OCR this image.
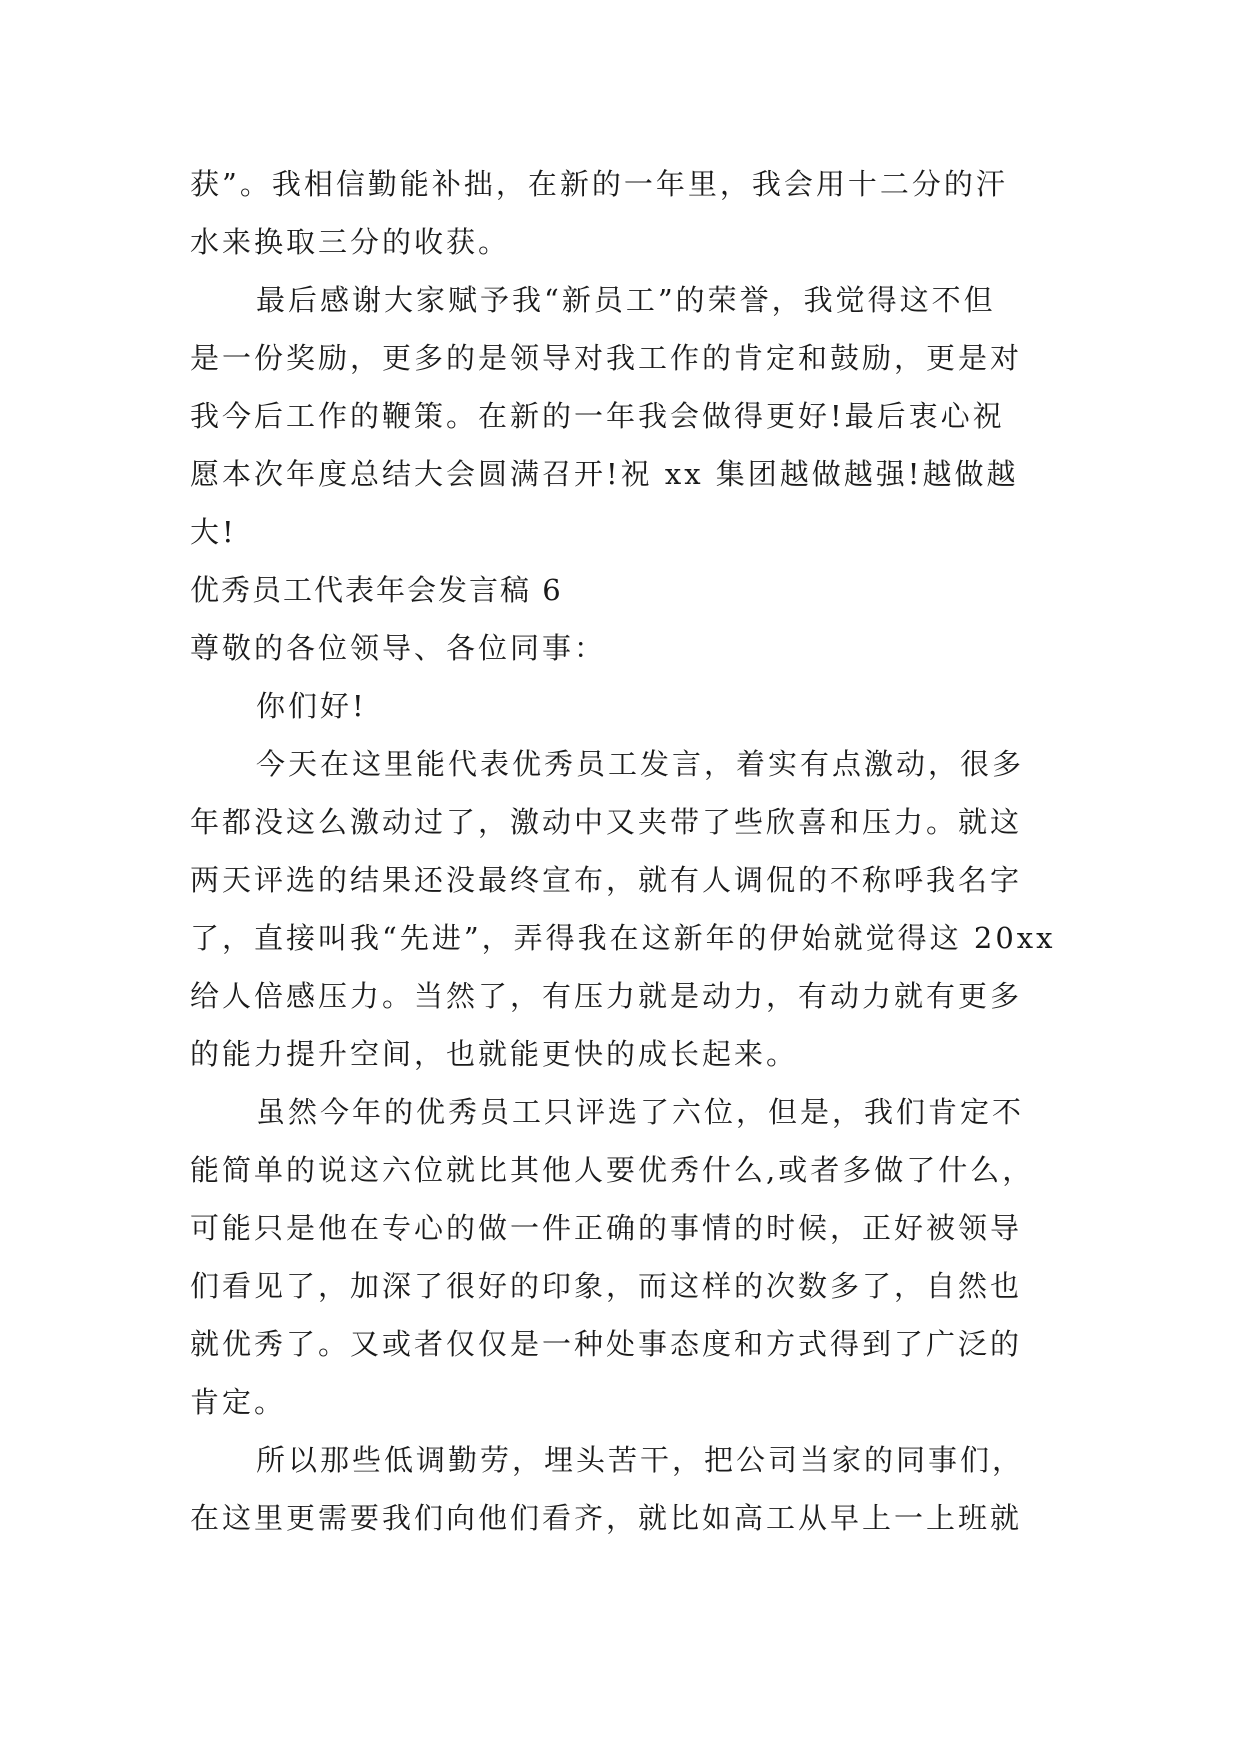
获”。我相信勤能补拙，在新的一年里，我会用十二分的汗
水来换取三分的收获。
最后感谢大家赋予我“新员工”的荣誉，我觉得这不但
是一份奖励，更多的是领导对我工作的肯定和鼓励，更是对
我今后工作的鞭策。在新的一年我会做得更好!最后衷心祝
愿本次年度总结大会圆满召开!祝 xx 集团越做越强!越做越
大!
优秀员工代表年会发言稿 6
尊敬的各位领导、各位同事：
你们好!
今天在这里能代表优秀员工发言，着实有点激动，很多
年都没这么激动过了，激动中又夹带了些欣喜和压力。就这
两天评选的结果还没最终宣布，就有人调侃的不称呼我名字
了，直接叫我“先进”，弄得我在这新年的伊始就觉得这 20xx
给人倍感压力。当然了，有压力就是动力，有动力就有更多
的能力提升空间，也就能更快的成长起来。
虽然今年的优秀员工只评选了六位，但是，我们肯定不
能简单的说这六位就比其他人要优秀什么,或者多做了什么，
可能只是他在专心的做一件正确的事情的时候，正好被领导
们看见了，加深了很好的印象，而这样的次数多了，自然也
就优秀了。又或者仅仅是一种处事态度和方式得到了广泛的
肯定。
所以那些低调勤劳，埋头苦干，把公司当家的同事们，
在这里更需要我们向他们看齐，就比如高工从早上一上班就
